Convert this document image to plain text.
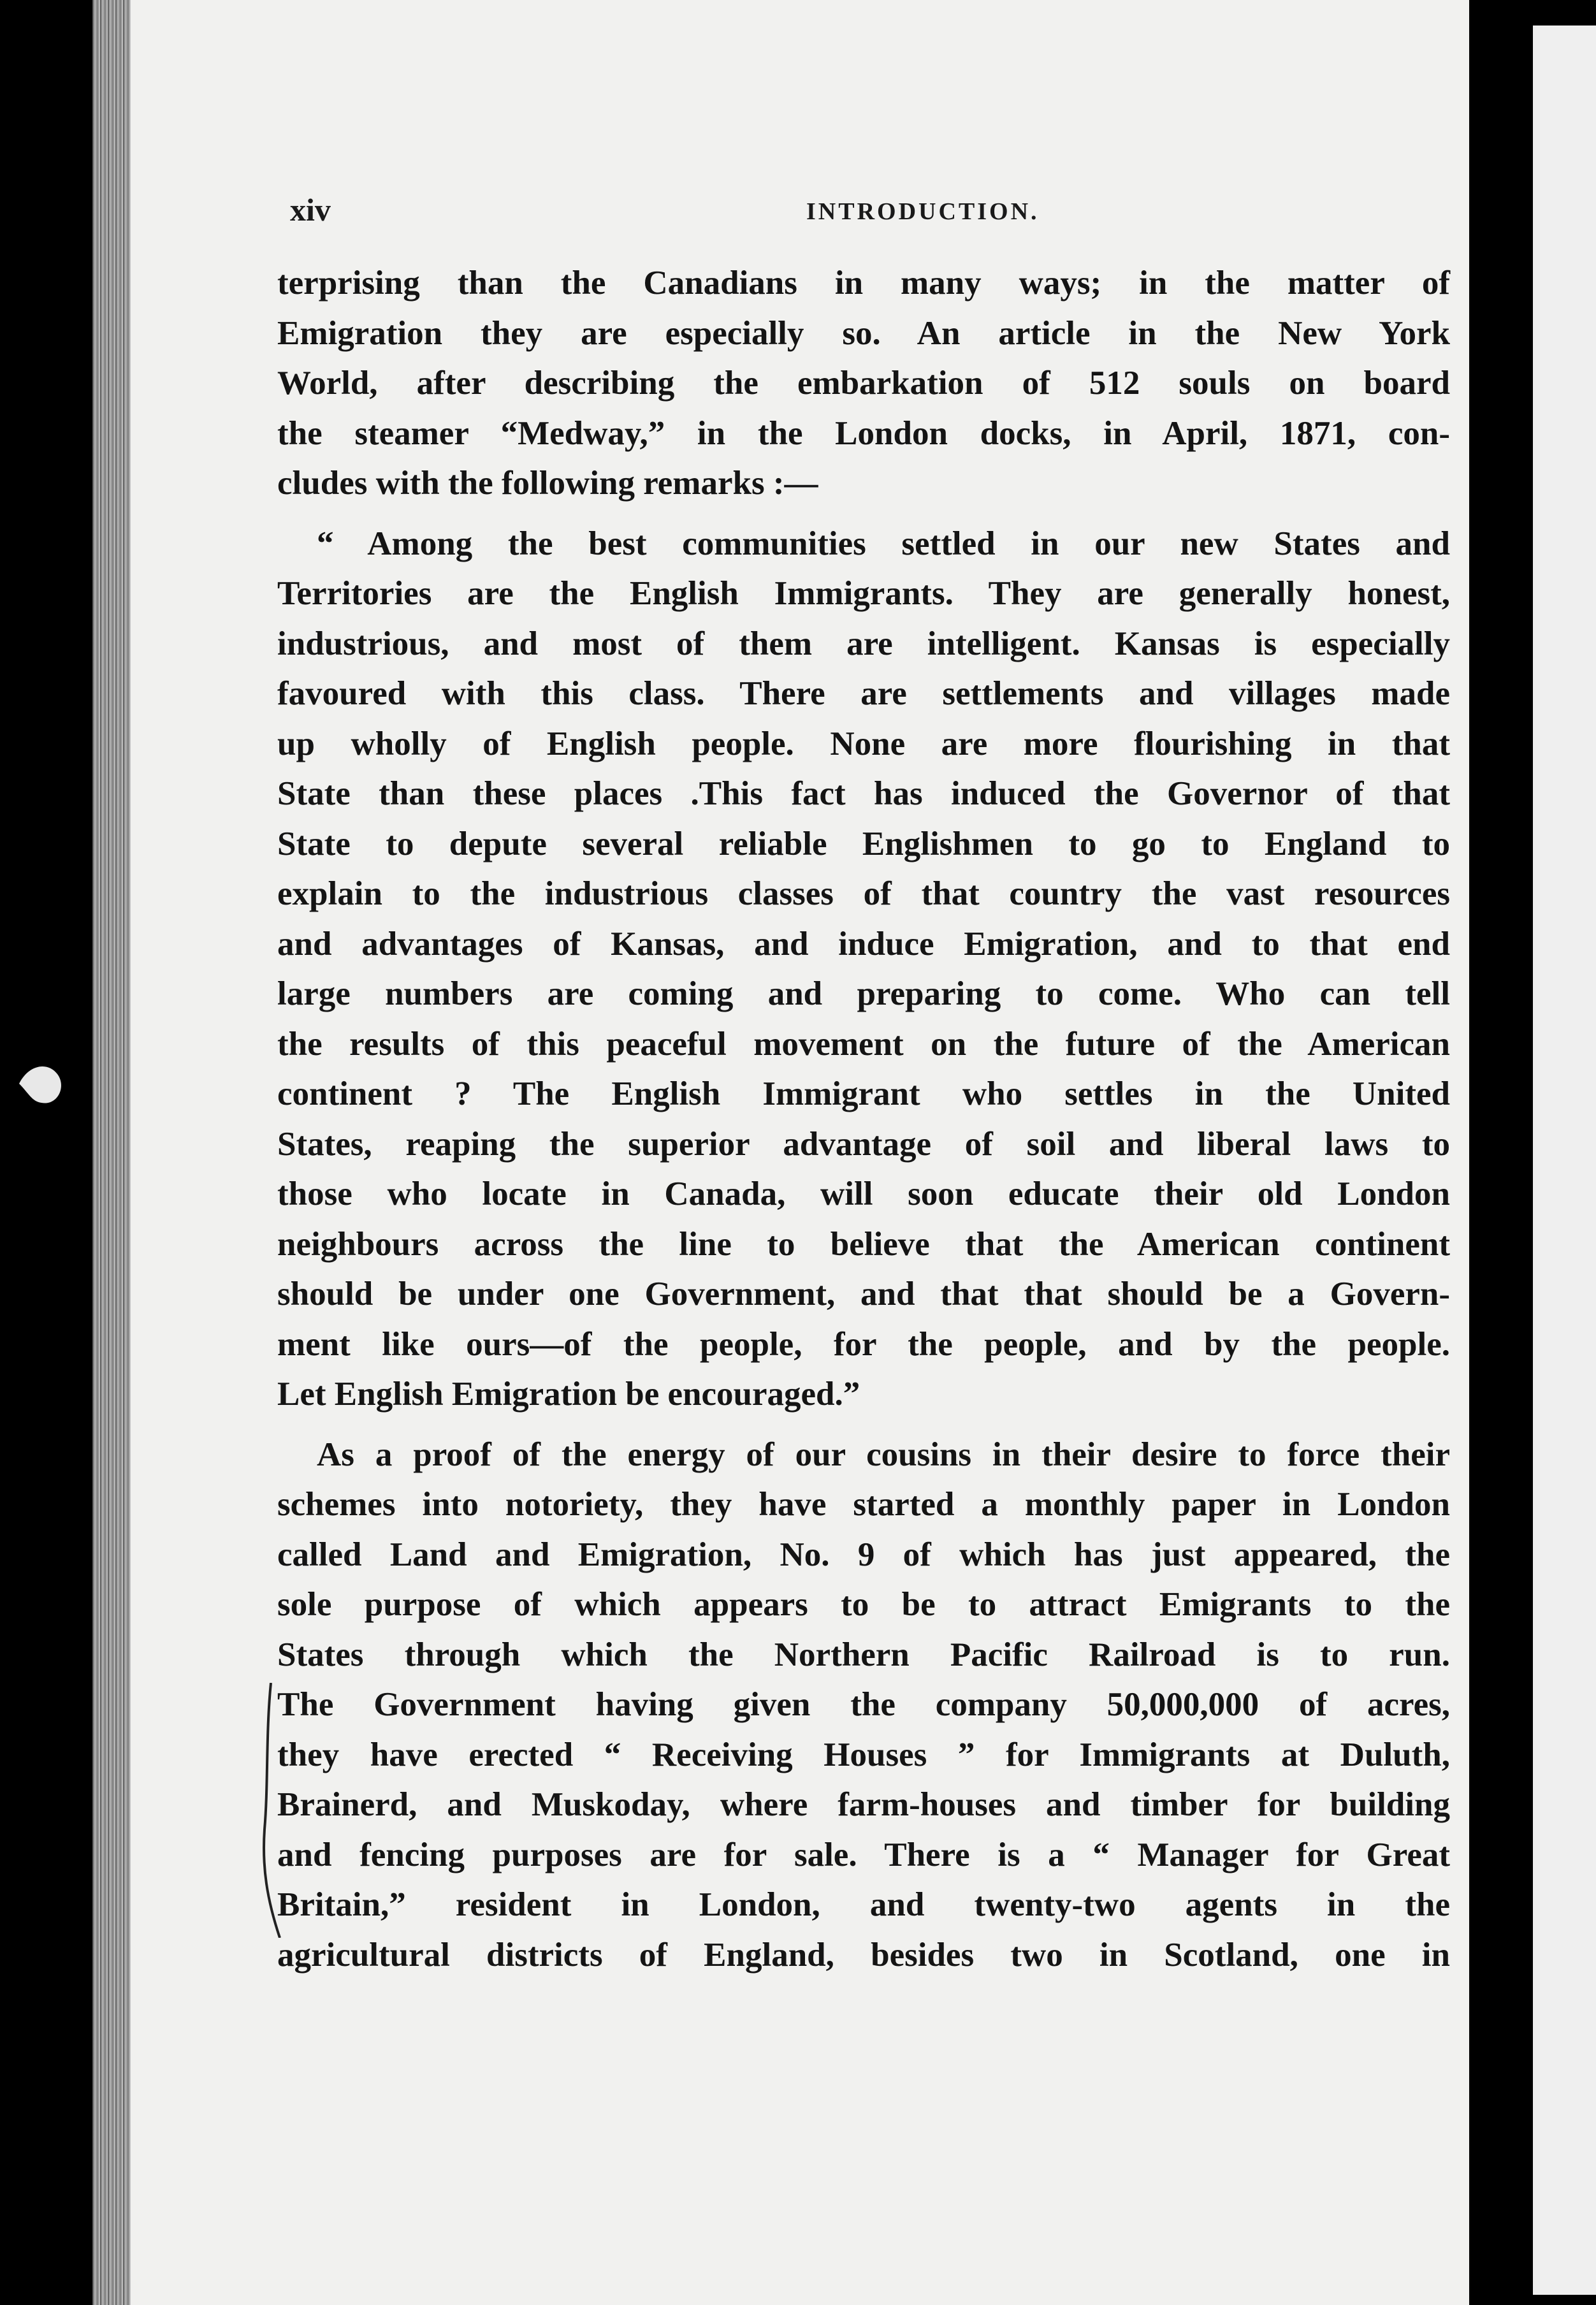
xiv	INTRODUCTION.
terprising than the Canadians in many ways; in the matter of
Emigration they are especially so. An article in the New York
World, after describing the embarkation of 512 souls on board
the steamer “Medway,” in the London docks, in April, 1871, con-
cludes with the following remarks :—
“ Among the best communities settled in our new States and
Territories are the English Immigrants. They are generally honest,
industrious, and most of them are intelligent. Kansas is especially
favoured with this class. There are settlements and villages made
up wholly of English people. None are more flourishing in that
State than these places .This fact has induced the Governor of that
State to depute several reliable Englishmen to go to England to
explain to the industrious classes of that country the vast resources
and advantages of Kansas, and induce Emigration, and to that end
large numbers are coming and preparing to come. Who can tell
the results of this peaceful movement on the future of the American
continent ? The English Immigrant who settles in the United
States, reaping the superior advantage of soil and liberal laws to
those who locate in Canada, will soon educate their old London
neighbours across the line to believe that the American continent
should be under one Government, and that that should be a Govern-
ment like ours—of the people, for the people, and by the people.
Let English Emigration be encouraged.”
As a proof of the energy of our cousins in their desire to force their
schemes into notoriety, they have started a monthly paper in London
called Land and Emigration, No. 9 of which has just appeared, the
sole purpose of which appears to be to attract Emigrants to the
States through which the Northern Pacific Railroad is to run.
The Government having given the company 50,000,000 of acres,
they have erected “ Receiving Houses ” for Immigrants at Duluth,
Brainerd, and Muskoday, where farm-houses and timber for building
and fencing purposes are for sale. There is a “ Manager for Great
Britain,” resident in London, and twenty-two agents in the
agricultural districts of England, besides two in Scotland, one in
